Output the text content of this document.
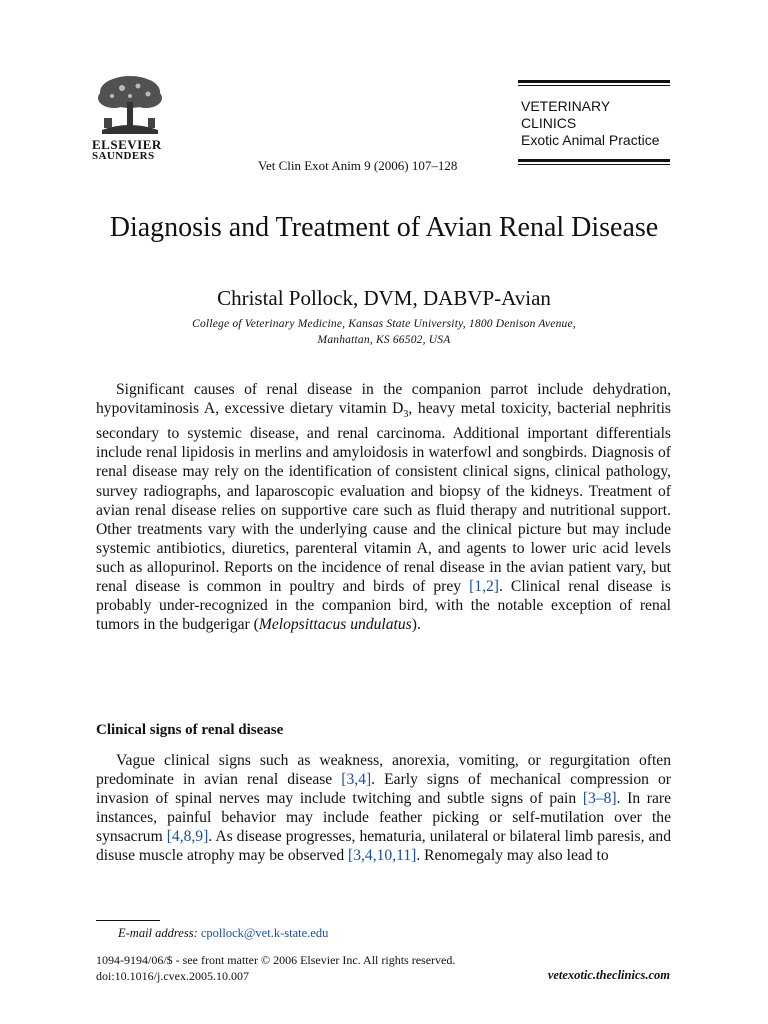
ELSEVIER
SAUNDERS
Vet Clin Exot Anim 9 (2006) 107–128
VETERINARY
CLINICS
Exotic Animal Practice
Diagnosis and Treatment of Avian Renal Disease
Christal Pollock, DVM, DABVP-Avian
College of Veterinary Medicine, Kansas State University, 1800 Denison Avenue,
Manhattan, KS 66502, USA

Significant causes of renal disease in the companion parrot include dehydration, hypovitaminosis A, excessive dietary vitamin $D_3$, heavy metal toxicity, bacterial nephritis secondary to systemic disease, and renal carcinoma. Additional important differentials include renal lipidosis in merlins and amyloidosis in waterfowl and songbirds. Diagnosis of renal disease may rely on the identification of consistent clinical signs, clinical pathology, survey radiographs, and laparoscopic evaluation and biopsy of the kidneys. Treatment of avian renal disease relies on supportive care such as fluid therapy and nutritional support. Other treatments vary with the underlying cause and the clinical picture but may include systemic antibiotics, diuretics, parenteral vitamin A, and agents to lower uric acid levels such as allopurinol. Reports on the incidence of renal disease in the avian patient vary, but renal disease is common in poultry and birds of prey [1,2]. Clinical renal disease is probably under-recognized in the companion bird, with the notable exception of renal tumors in the budgerigar (Melopsittacus undulatus).

Clinical signs of renal disease

Vague clinical signs such as weakness, anorexia, vomiting, or regurgitation often predominate in avian renal disease [3,4]. Early signs of mechanical compression or invasion of spinal nerves may include twitching and subtle signs of pain [3–8]. In rare instances, painful behavior may include feather picking or self-mutilation over the synsacrum [4,8,9]. As disease progresses, hematuria, unilateral or bilateral limb paresis, and disuse muscle atrophy may be observed [3,4,10,11]. Renomegaly may also lead to

E-mail address: cpollock@vet.k-state.edu
1094-9194/06/$ - see front matter © 2006 Elsevier Inc. All rights reserved.
doi:10.1016/j.cvex.2005.10.007	vetexotic.theclinics.com
